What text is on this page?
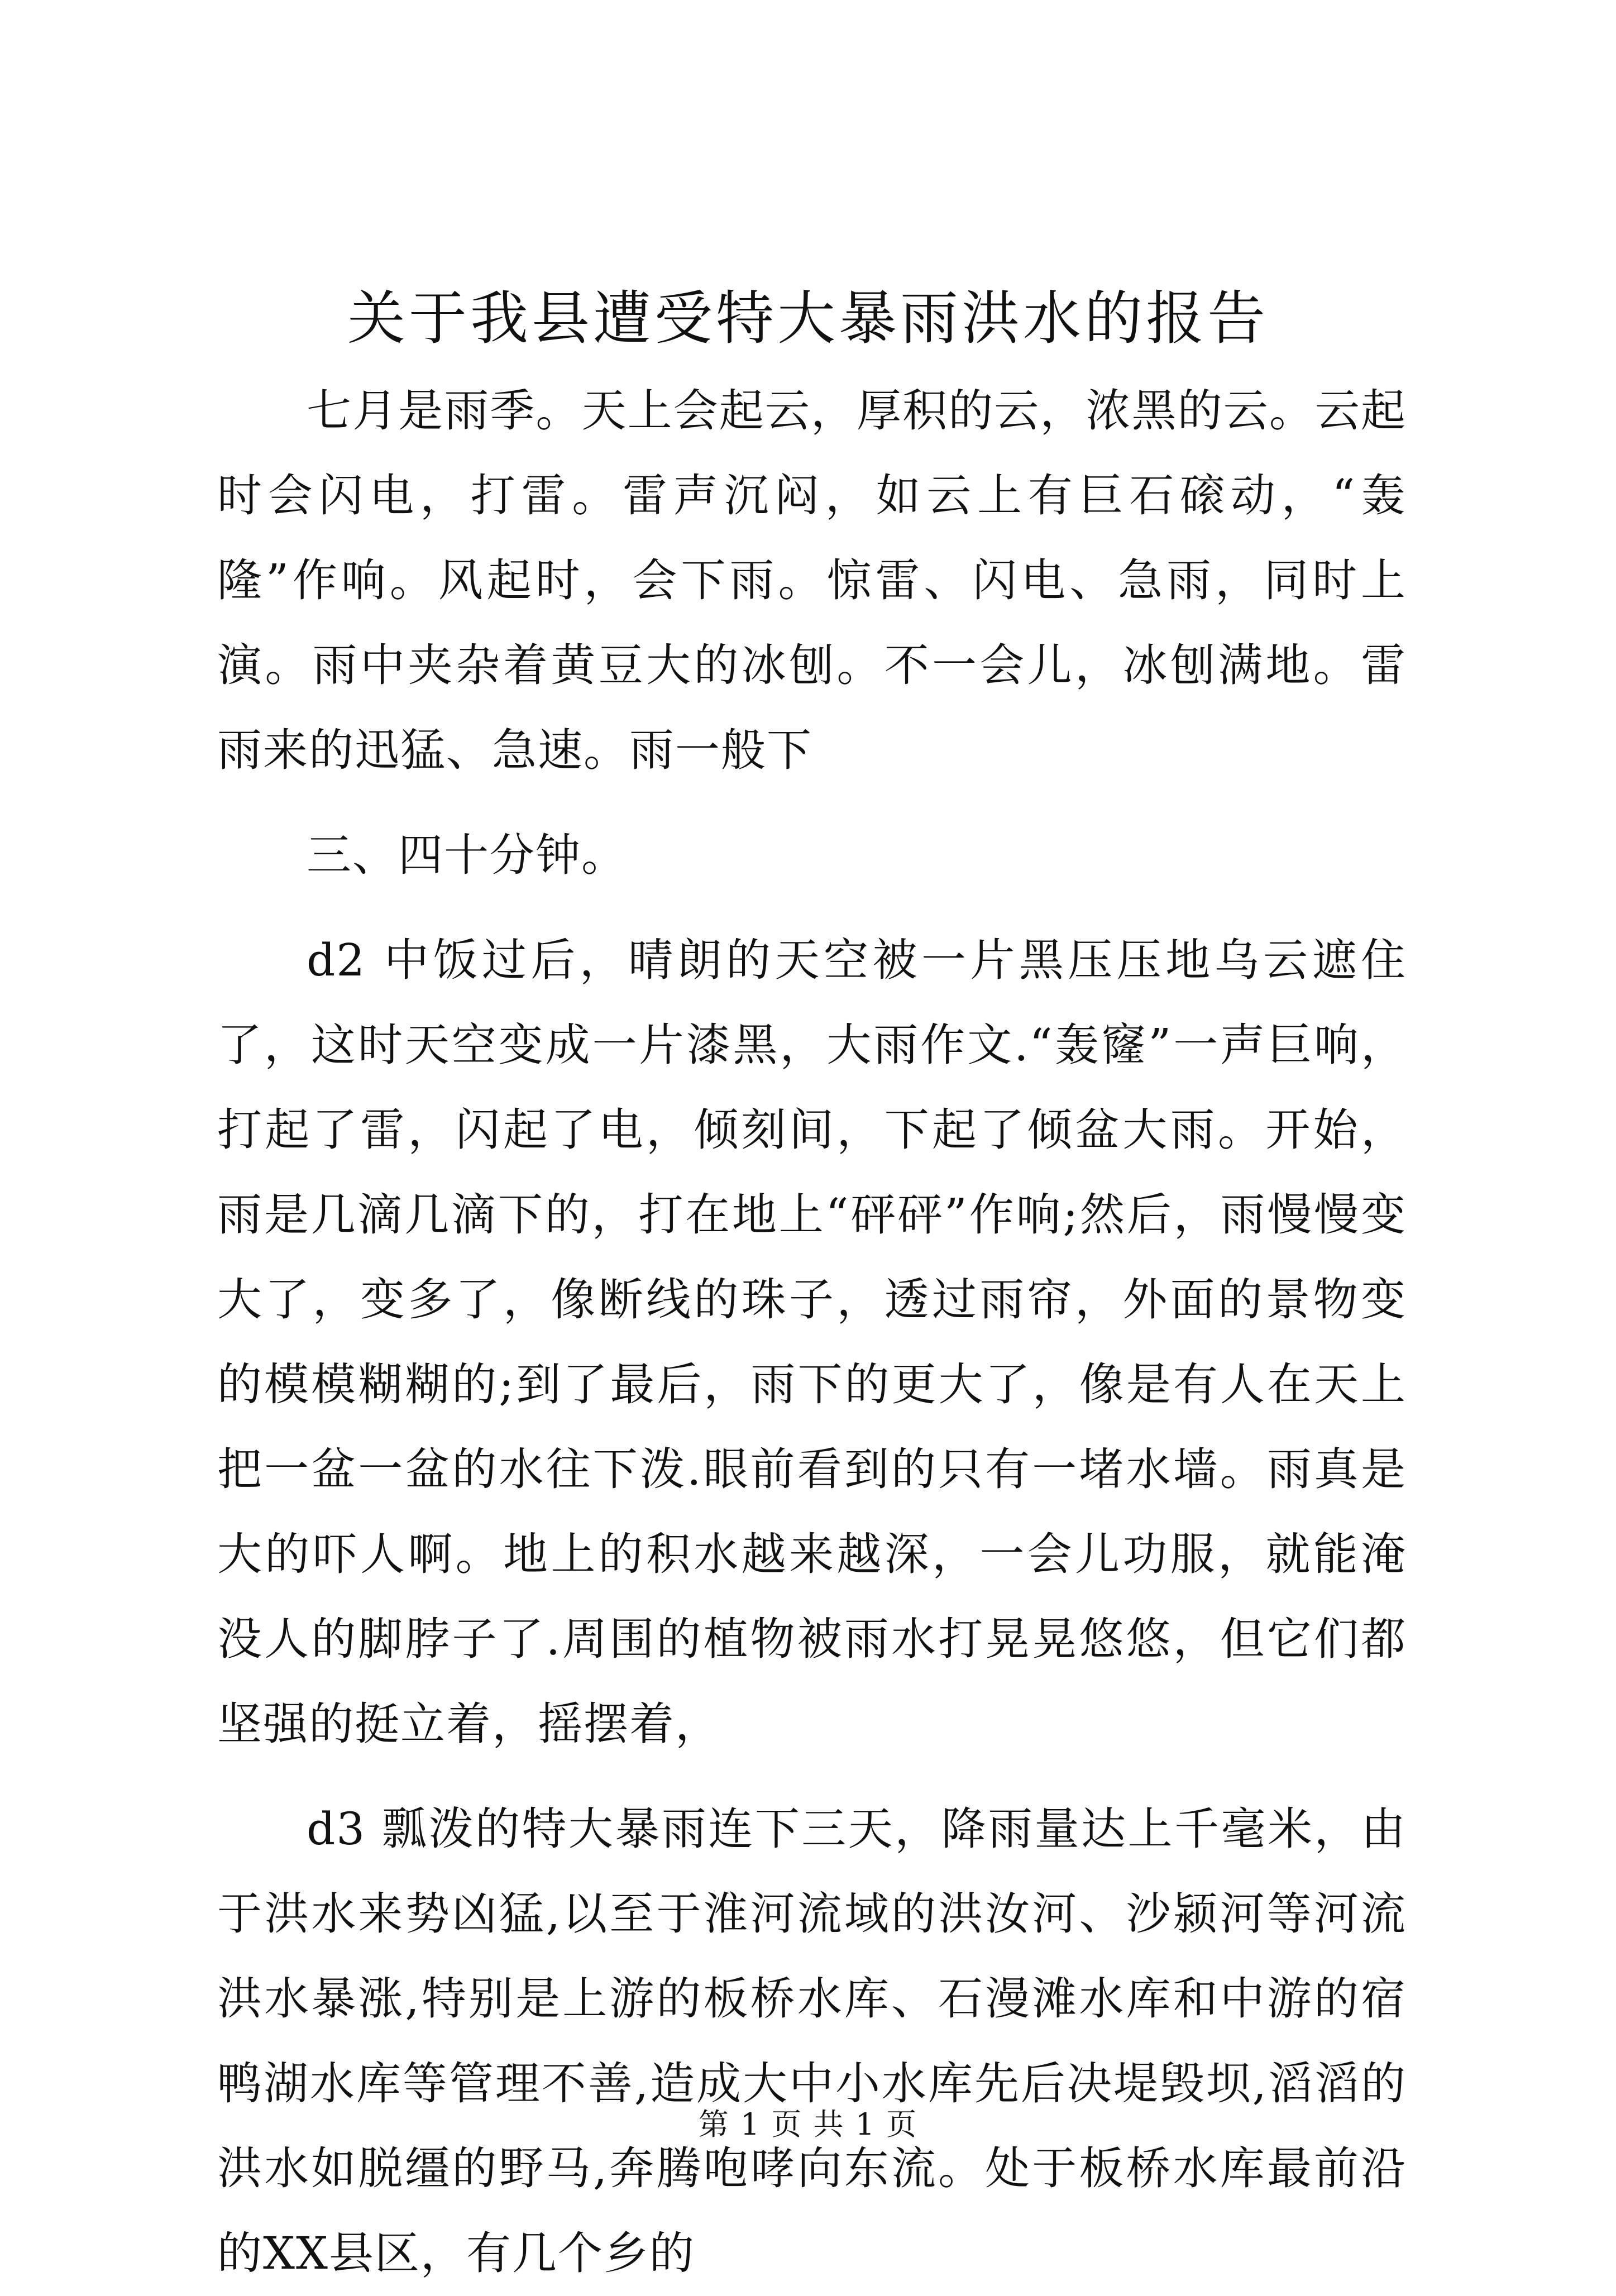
关于我县遭受特大暴雨洪水的报告

七月是雨季。天上会起云，厚积的云，浓黑的云。云起时会闪电，打雷。雷声沉闷，如云上有巨石磙动，“轰隆”作响。风起时，会下雨。惊雷、闪电、急雨，同时上演。雨中夹杂着黄豆大的冰刨。不一会儿，冰刨满地。雷雨来的迅猛、急速。雨一般下

三、四十分钟。

d2 中饭过后，晴朗的天空被一片黑压压地乌云遮住了，这时天空变成一片漆黑，大雨作文.“轰窿”一声巨响，打起了雷，闪起了电，倾刻间，下起了倾盆大雨。开始，雨是几滴几滴下的，打在地上“砰砰”作响;然后，雨慢慢变大了，变多了，像断线的珠子，透过雨帘，外面的景物变的模模糊糊的;到了最后，雨下的更大了，像是有人在天上把一盆一盆的水往下泼.眼前看到的只有一堵水墙。雨真是大的吓人啊。地上的积水越来越深，一会儿功服，就能淹没人的脚脖子了.周围的植物被雨水打晃晃悠悠，但它们都坚强的挺立着，摇摆着，

d3 瓢泼的特大暴雨连下三天，降雨量达上千毫米，由于洪水来势凶猛,以至于淮河流域的洪汝河、沙颍河等河流洪水暴涨,特别是上游的板桥水库、石漫滩水库和中游的宿鸭湖水库等管理不善,造成大中小水库先后决堤毁坝,滔滔的洪水如脱缰的野马,奔腾咆哮向东流。处于板桥水库最前沿的XX县区，有几个乡的

第 1 页 共 1 页
